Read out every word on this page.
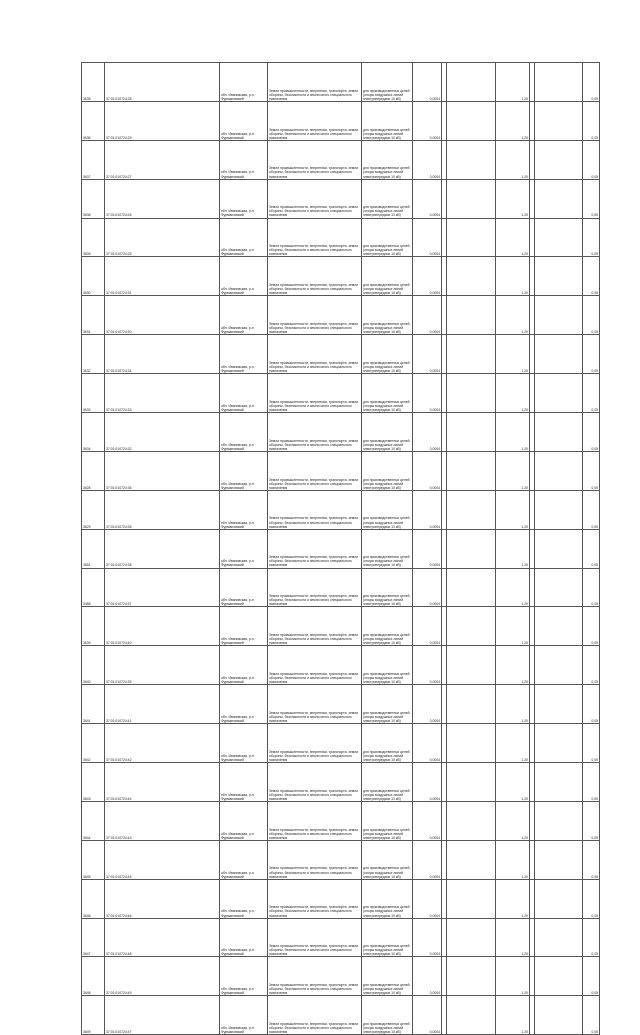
3635	37:01:010724:28	обл. Ивановская, р-н Фурмановский	Земли промышленности, энергетики, транспорта, земли обороны, безопасности и земли иного специального назначения	для производственных целей (опоры воздушных линий электропередачи 10 кВ)	0,0004			1,20			0,05
3636	37:01:010724:29	обл. Ивановская, р-н Фурмановский	Земли промышленности, энергетики, транспорта, земли обороны, безопасности и земли иного специального назначения	для производственных целей (опоры воздушных линий электропередачи 10 кВ)	0,0004			1,20			0,05
3637	37:01:010724:27	обл. Ивановская, р-н Фурмановский	Земли промышленности, энергетики, транспорта, земли обороны, безопасности и земли иного специального назначения	для производственных целей (опоры воздушных линий электропередачи 10 кВ)	0,0004			1,20			0,05
3638	37:01:010724:26	обл. Ивановская, р-н Фурмановский	Земли промышленности, энергетики, транспорта, земли обороны, безопасности и земли иного специального назначения	для производственных целей (опоры воздушных линий электропередачи 10 кВ)	0,0004			1,20			0,05
3639	37:01:010724:25	обл. Ивановская, р-н Фурмановский	Земли промышленности, энергетики, транспорта, земли обороны, безопасности и земли иного специального назначения	для производственных целей (опоры воздушных линий электропередачи 10 кВ)	0,0004			1,20			0,05
3630	37:01:010724:31	обл. Ивановская, р-н Фурмановский	Земли промышленности, энергетики, транспорта, земли обороны, безопасности и земли иного специального назначения	для производственных целей (опоры воздушных линий электропередачи 10 кВ)	0,0004			1,20			0,05
3631	37:01:010724:30	обл. Ивановская, р-н Фурмановский	Земли промышленности, энергетики, транспорта, земли обороны, безопасности и земли иного специального назначения	для производственных целей (опоры воздушных линий электропередачи 10 кВ)	0,0004			1,20			0,05
3632	37:01:010724:34	обл. Ивановская, р-н Фурмановский	Земли промышленности, энергетики, транспорта, земли обороны, безопасности и земли иного специального назначения	для производственных целей (опоры воздушных линий электропередачи 10 кВ)	0,0004			1,20			0,05
3633	37:01:010724:33	обл. Ивановская, р-н Фурмановский	Земли промышленности, энергетики, транспорта, земли обороны, безопасности и земли иного специального назначения	для производственных целей (опоры воздушных линий электропередачи 10 кВ)	0,0004			1,20			0,05
3634	37:01:010724:32	обл. Ивановская, р-н Фурмановский	Земли промышленности, энергетики, транспорта, земли обороны, безопасности и земли иного специального назначения	для производственных целей (опоры воздушных линий электропередачи 10 кВ)	0,0004			1,20			0,05
3628	37:01:010724:36	обл. Ивановская, р-н Фурмановский	Земли промышленности, энергетики, транспорта, земли обороны, безопасности и земли иного специального назначения	для производственных целей (опоры воздушных линий электропередачи 10 кВ)	0,0004			1,20			0,05
3629	37:01:010724:35	обл. Ивановская, р-н Фурмановский	Земли промышленности, энергетики, транспорта, земли обороны, безопасности и земли иного специального назначения	для производственных целей (опоры воздушных линий электропередачи 10 кВ)	0,0004			1,20			0,05
3651	37:01:010724:38	обл. Ивановская, р-н Фурмановский	Земли промышленности, энергетики, транспорта, земли обороны, безопасности и земли иного специального назначения	для производственных целей (опоры воздушных линий электропередачи 10 кВ)	0,0004			1,20			0,05
3458	37:01:010724:37	обл. Ивановская, р-н Фурмановский	Земли промышленности, энергетики, транспорта, земли обороны, безопасности и земли иного специального назначения	для производственных целей (опоры воздушных линий электропередачи 10 кВ)	0,0004			1,20			0,05
3639	37:01:010724:40	обл. Ивановская, р-н Фурмановский	Земли промышленности, энергетики, транспорта, земли обороны, безопасности и земли иного специального назначения	для производственных целей (опоры воздушных линий электропередачи 10 кВ)	0,0004			1,20			0,05
3640	37:01:010724:39	обл. Ивановская, р-н Фурмановский	Земли промышленности, энергетики, транспорта, земли обороны, безопасности и земли иного специального назначения	для производственных целей (опоры воздушных линий электропередачи 10 кВ)	0,0004			1,20			0,05
3641	37:01:010724:41	обл. Ивановская, р-н Фурмановский	Земли промышленности, энергетики, транспорта, земли обороны, безопасности и земли иного специального назначения	для производственных целей (опоры воздушных линий электропередачи 10 кВ)	0,0004			1,20			0,05
3642	37:01:010724:42	обл. Ивановская, р-н Фурмановский	Земли промышленности, энергетики, транспорта, земли обороны, безопасности и земли иного специального назначения	для производственных целей (опоры воздушных линий электропередачи 10 кВ)	0,0004			1,20			0,05
3643	37:01:010724:44	обл. Ивановская, р-н Фурмановский	Земли промышленности, энергетики, транспорта, земли обороны, безопасности и земли иного специального назначения	для производственных целей (опоры воздушных линий электропередачи 10 кВ)	0,0004			1,20			0,05
3644	37:01:010724:43	обл. Ивановская, р-н Фурмановский	Земли промышленности, энергетики, транспорта, земли обороны, безопасности и земли иного специального назначения	для производственных целей (опоры воздушных линий электропередачи 10 кВ)	0,0004			1,20			0,05
3645	37:01:010724:45	обл. Ивановская, р-н Фурмановский	Земли промышленности, энергетики, транспорта, земли обороны, безопасности и земли иного специального назначения	для производственных целей (опоры воздушных линий электропередачи 10 кВ)	0,0004			1,20			0,05
3646	37:01:010724:46	обл. Ивановская, р-н Фурмановский	Земли промышленности, энергетики, транспорта, земли обороны, безопасности и земли иного специального назначения	для производственных целей (опоры воздушных линий электропередачи 10 кВ)	0,0004			1,20			0,05
3647	37:01:010724:48	обл. Ивановская, р-н Фурмановский	Земли промышленности, энергетики, транспорта, земли обороны, безопасности и земли иного специального назначения	для производственных целей (опоры воздушных линий электропередачи 10 кВ)	0,0004			1,20			0,05
3648	37:01:010724:49	обл. Ивановская, р-н Фурмановский	Земли промышленности, энергетики, транспорта, земли обороны, безопасности и земли иного специального назначения	для производственных целей (опоры воздушных линий электропередачи 10 кВ)	0,0004			1,20			0,05
3649	37:01:010724:47	обл. Ивановская, р-н Фурмановский	Земли промышленности, энергетики, транспорта, земли обороны, безопасности и земли иного специального назначения	для производственных целей (опоры воздушных линий электропередачи 10 кВ)	0,0004			1,20			0,05
